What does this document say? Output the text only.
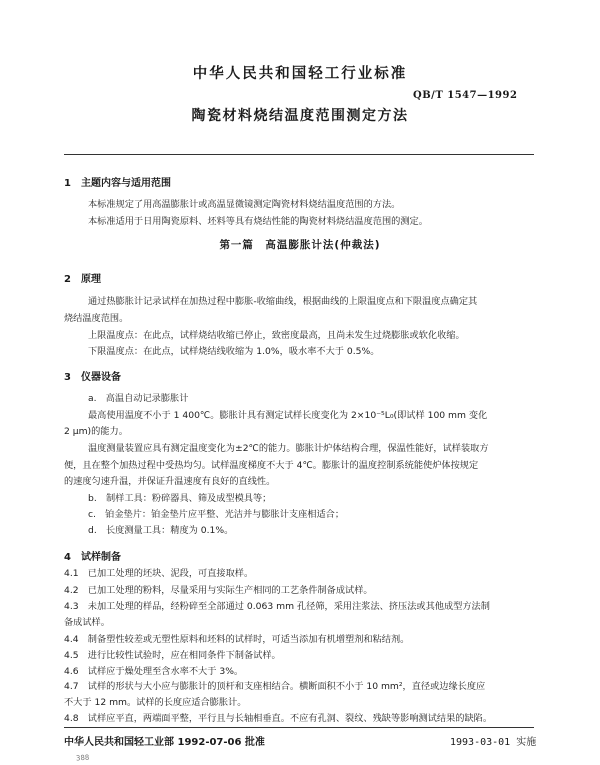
中华人民共和国轻工行业标准
QB/T 1547—1992
陶瓷材料烧结温度范围测定方法
1　主题内容与适用范围
本标准规定了用高温膨胀计或高温显微镜测定陶瓷材料烧结温度范围的方法。
本标准适用于日用陶瓷原料、坯料等具有烧结性能的陶瓷材料烧结温度范围的测定。
第一篇　高温膨胀计法(仲裁法)
2　原理
通过热膨胀计记录试样在加热过程中膨胀-收缩曲线，根据曲线的上限温度点和下限温度点确定其
烧结温度范围。
上限温度点：在此点，试样烧结收缩已停止，致密度最高，且尚未发生过烧膨胀或软化收缩。
下限温度点：在此点，试样烧结线收缩为 1.0%，吸水率不大于 0.5%。
3　仪器设备
a.　高温自动记录膨胀计
最高使用温度不小于 1 400℃。膨胀计具有测定试样长度变化为 2×10⁻⁵L₀(即试样 100 mm 变化
2 μm)的能力。
温度测量装置应具有测定温度变化为±2℃的能力。膨胀计炉体结构合理，保温性能好，试样装取方
便，且在整个加热过程中受热均匀。试样温度梯度不大于 4℃。膨胀计的温度控制系统能使炉体按规定
的速度匀速升温，并保证升温速度有良好的直线性。
b.　制样工具：粉碎器具、筛及成型模具等；
c.　铂金垫片：铂金垫片应平整、光洁并与膨胀计支座相适合；
d.　长度测量工具：精度为 0.1%。
4　试样制备
4.1　已加工处理的坯块、泥段，可直接取样。
4.2　已加工处理的粉料，尽量采用与实际生产相同的工艺条件制备成试样。
4.3　未加工处理的样品，经粉碎至全部通过 0.063 mm 孔径筛，采用注浆法、挤压法或其他成型方法制
备成试样。
4.4　制备塑性较差或无塑性原料和坯料的试样时，可适当添加有机增塑剂和粘结剂。
4.5　进行比较性试验时，应在相同条件下制备试样。
4.6　试样应于燥处理至含水率不大于 3%。
4.7　试样的形状与大小应与膨胀计的顶杆和支座相结合。横断面积不小于 10 mm²，直径或边缘长度应
不大于 12 mm。试样的长度应适合膨胀计。
4.8　试样应平直，两端面平整，平行且与长轴相垂直。不应有孔洞、裂纹、残缺等影响测试结果的缺陷。
中华人民共和国轻工业部 1992-07-06 批准	1993-03-01 实施
388
